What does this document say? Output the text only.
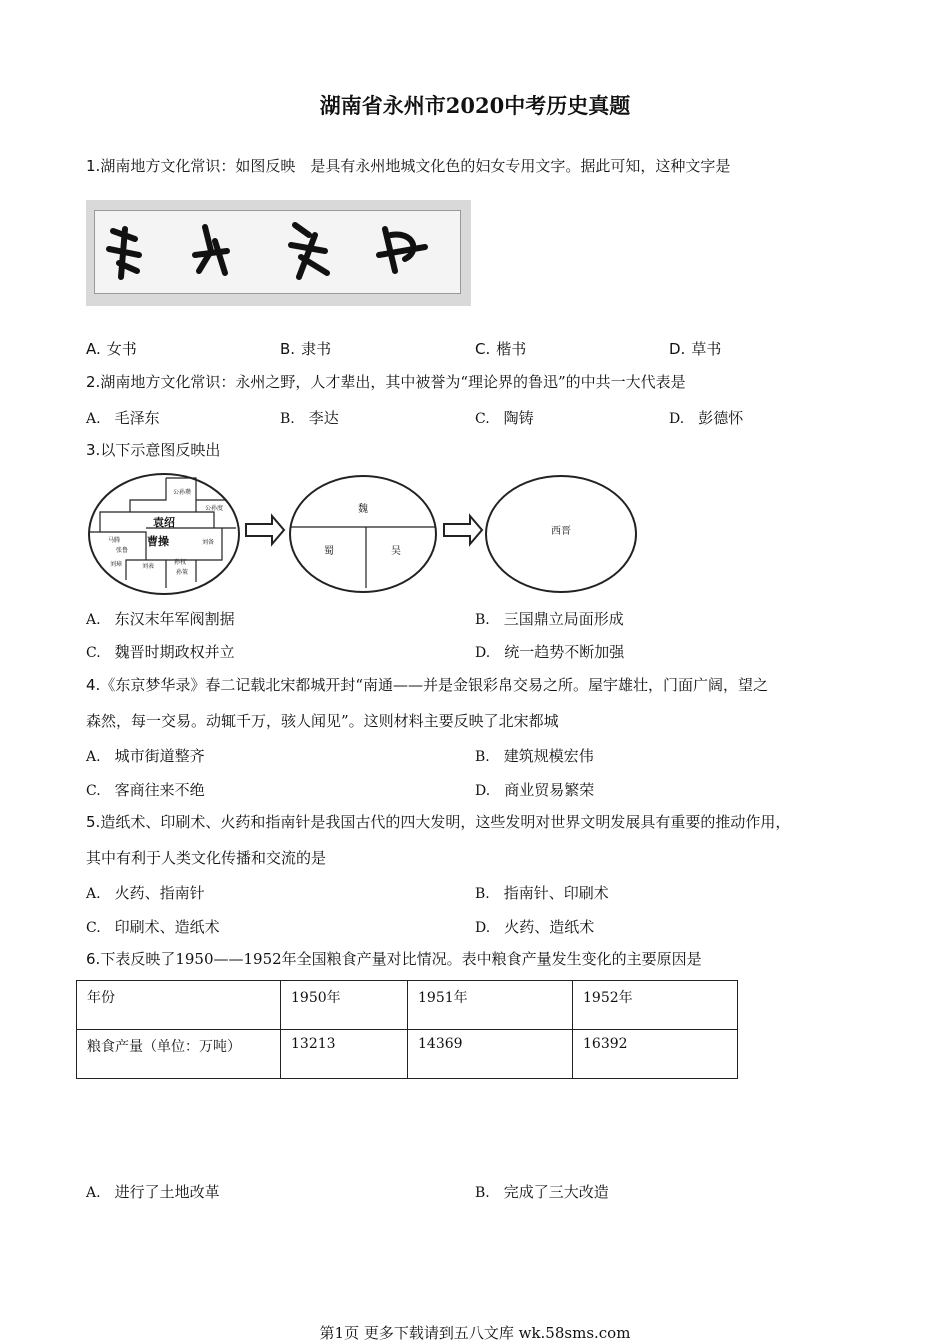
湖南省永州市2020中考历史真题
1.湖南地方文化常识：如图反映　是具有永州地城文化色的妇女专用文字。据此可知，这种文字是
A. 女书	B. 隶书	C. 楷书	D. 草书
2.湖南地方文化常识：永州之野，人才辈出，其中被誉为“理论界的鲁迅”的中共一大代表是
A. 毛泽东	B. 李达	C. 陶铸	D. 彭德怀
3.以下示意图反映出
袁绍
曹操
公孙瓒
公孙度
马腾
张鲁
刘璋	刘表
孙权
孙策
刘备
魏
蜀	吴
西晋
A. 东汉末年军阀割据	B. 三国鼎立局面形成
C. 魏晋时期政权并立	D. 统一趋势不断加强
4.《东京梦华录》春二记载北宋都城开封“南通——并是金银彩帛交易之所。屋宇雄壮，门面广阔，望之
森然，每一交易。动辄千万，骇人闻见”。这则材料主要反映了北宋都城
A. 城市街道整齐	B. 建筑规模宏伟
C. 客商往来不绝	D. 商业贸易繁荣
5.造纸术、印刷术、火药和指南针是我国古代的四大发明，这些发明对世界文明发展具有重要的推动作用，
其中有利于人类文化传播和交流的是
A. 火药、指南针	B. 指南针、印刷术
C. 印刷术、造纸术	D. 火药、造纸术
6.下表反映了1950——1952年全国粮食产量对比情况。表中粮食产量发生变化的主要原因是
年份	1950年	1951年	1952年
粮食产量（单位：万吨）	13213	14369	16392
A. 进行了土地改革	B. 完成了三大改造
第1页 更多下载请到五八文库 wk.58sms.com
